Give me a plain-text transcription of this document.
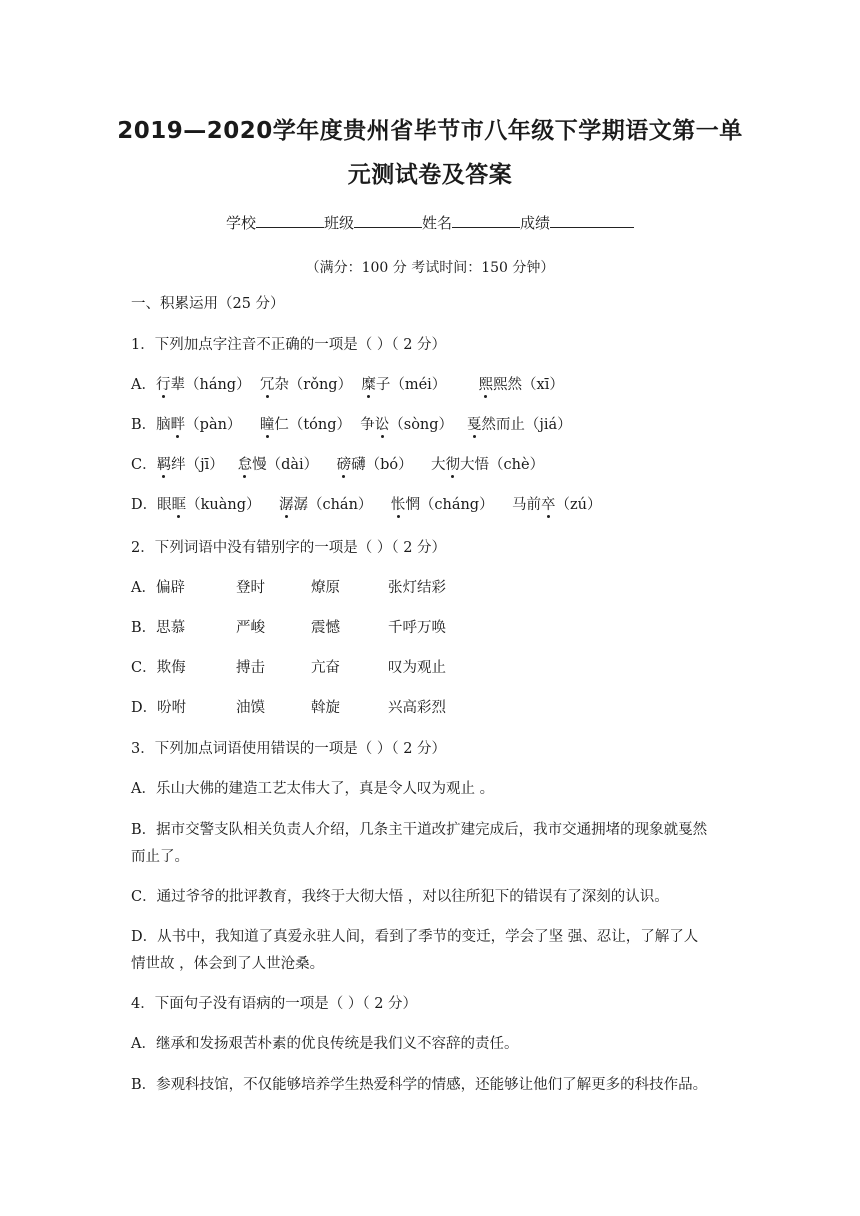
2019—2020学年度贵州省毕节市八年级下学期语文第一单
元测试卷及答案
学校	班级	姓名	成绩
（满分：100 分 考试时间：150 分钟）
一、积累运用（25 分）
1．下列加点字注音不正确的一项是（ ）（ 2 分）
A．行辈（háng） 冗杂（rǒng） 糜子（méi） 熙熙然（xī）
B．脑畔（pàn） 瞳仁（tóng） 争讼（sòng） 戛然而止（jiá）
C．羁绊（jī） 怠慢（dài） 磅礴（bó） 大彻大悟（chè）
D．眼眶（kuàng） 潺潺（chán） 怅惘（cháng） 马前卒（zú）
2．下列词语中没有错别字的一项是（ ）（ 2 分）
A．偏辟	登时	燎原	张灯结彩
B．思慕	严峻	震憾	千呼万唤
C．欺侮	搏击	亢奋	叹为观止
D．吩咐	油馍	斡旋	兴高彩烈
3．下列加点词语使用错误的一项是（ ）（ 2 分）
A．乐山大佛的建造工艺太伟大了，真是令人叹为观止 。
B．据市交警支队相关负责人介绍，几条主干道改扩建完成后，我市交通拥堵的现象就戛然
而止了。
C．通过爷爷的批评教育，我终于大彻大悟 ，对以往所犯下的错误有了深刻的认识。
D．从书中，我知道了真爱永驻人间，看到了季节的变迁，学会了坚 强、忍让，了解了人
情世故 ，体会到了人世沧桑。
4．下面句子没有语病的一项是（ ）（ 2 分）
A．继承和发扬艰苦朴素的优良传统是我们义不容辞的责任。
B．参观科技馆，不仅能够培养学生热爱科学的情感，还能够让他们了解更多的科技作品。
